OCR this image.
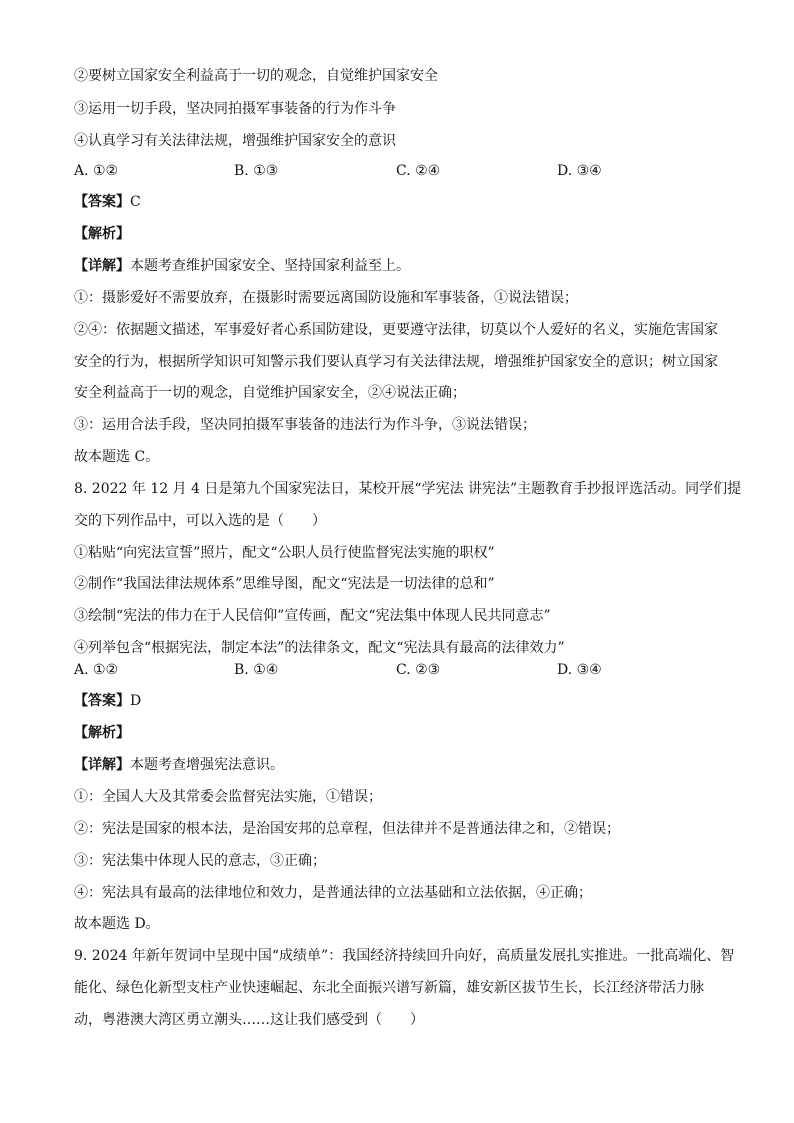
②要树立国家安全利益高于一切的观念，自觉维护国家安全
③运用一切手段，坚决同拍摄军事装备的行为作斗争
④认真学习有关法律法规，增强维护国家安全的意识
A. ①②	B. ①③	C. ②④	D. ③④
【答案】C
【解析】
【详解】本题考查维护国家安全、坚持国家利益至上。
①：摄影爱好不需要放弃，在摄影时需要远离国防设施和军事装备，①说法错误；
②④：依据题文描述，军事爱好者心系国防建设，更要遵守法律，切莫以个人爱好的名义，实施危害国家
安全的行为，根据所学知识可知警示我们要认真学习有关法律法规，增强维护国家安全的意识；树立国家
安全利益高于一切的观念，自觉维护国家安全，②④说法正确；
③：运用合法手段，坚决同拍摄军事装备的违法行为作斗争，③说法错误；
故本题选 C。
8. 2022 年 12 月 4 日是第九个国家宪法日，某校开展“学宪法 讲宪法”主题教育手抄报评选活动。同学们提
交的下列作品中，可以入选的是（　　）
①粘贴“向宪法宣誓”照片，配文“公职人员行使监督宪法实施的职权”
②制作“我国法律法规体系”思维导图，配文“宪法是一切法律的总和”
③绘制“宪法的伟力在于人民信仰”宣传画，配文“宪法集中体现人民共同意志”
④列举包含“根据宪法，制定本法”的法律条文，配文“宪法具有最高的法律效力”
A. ①②	B. ①④	C. ②③	D. ③④
【答案】D
【解析】
【详解】本题考查增强宪法意识。
①：全国人大及其常委会监督宪法实施，①错误；
②：宪法是国家的根本法，是治国安邦的总章程，但法律并不是普通法律之和，②错误；
③：宪法集中体现人民的意志，③正确；
④：宪法具有最高的法律地位和效力，是普通法律的立法基础和立法依据，④正确；
故本题选 D。
9. 2024 年新年贺词中呈现中国“成绩单”：我国经济持续回升向好，高质量发展扎实推进。一批高端化、智
能化、绿色化新型支柱产业快速崛起、东北全面振兴谱写新篇，雄安新区拔节生长，长江经济带活力脉
动，粤港澳大湾区勇立潮头……这让我们感受到（　　）
